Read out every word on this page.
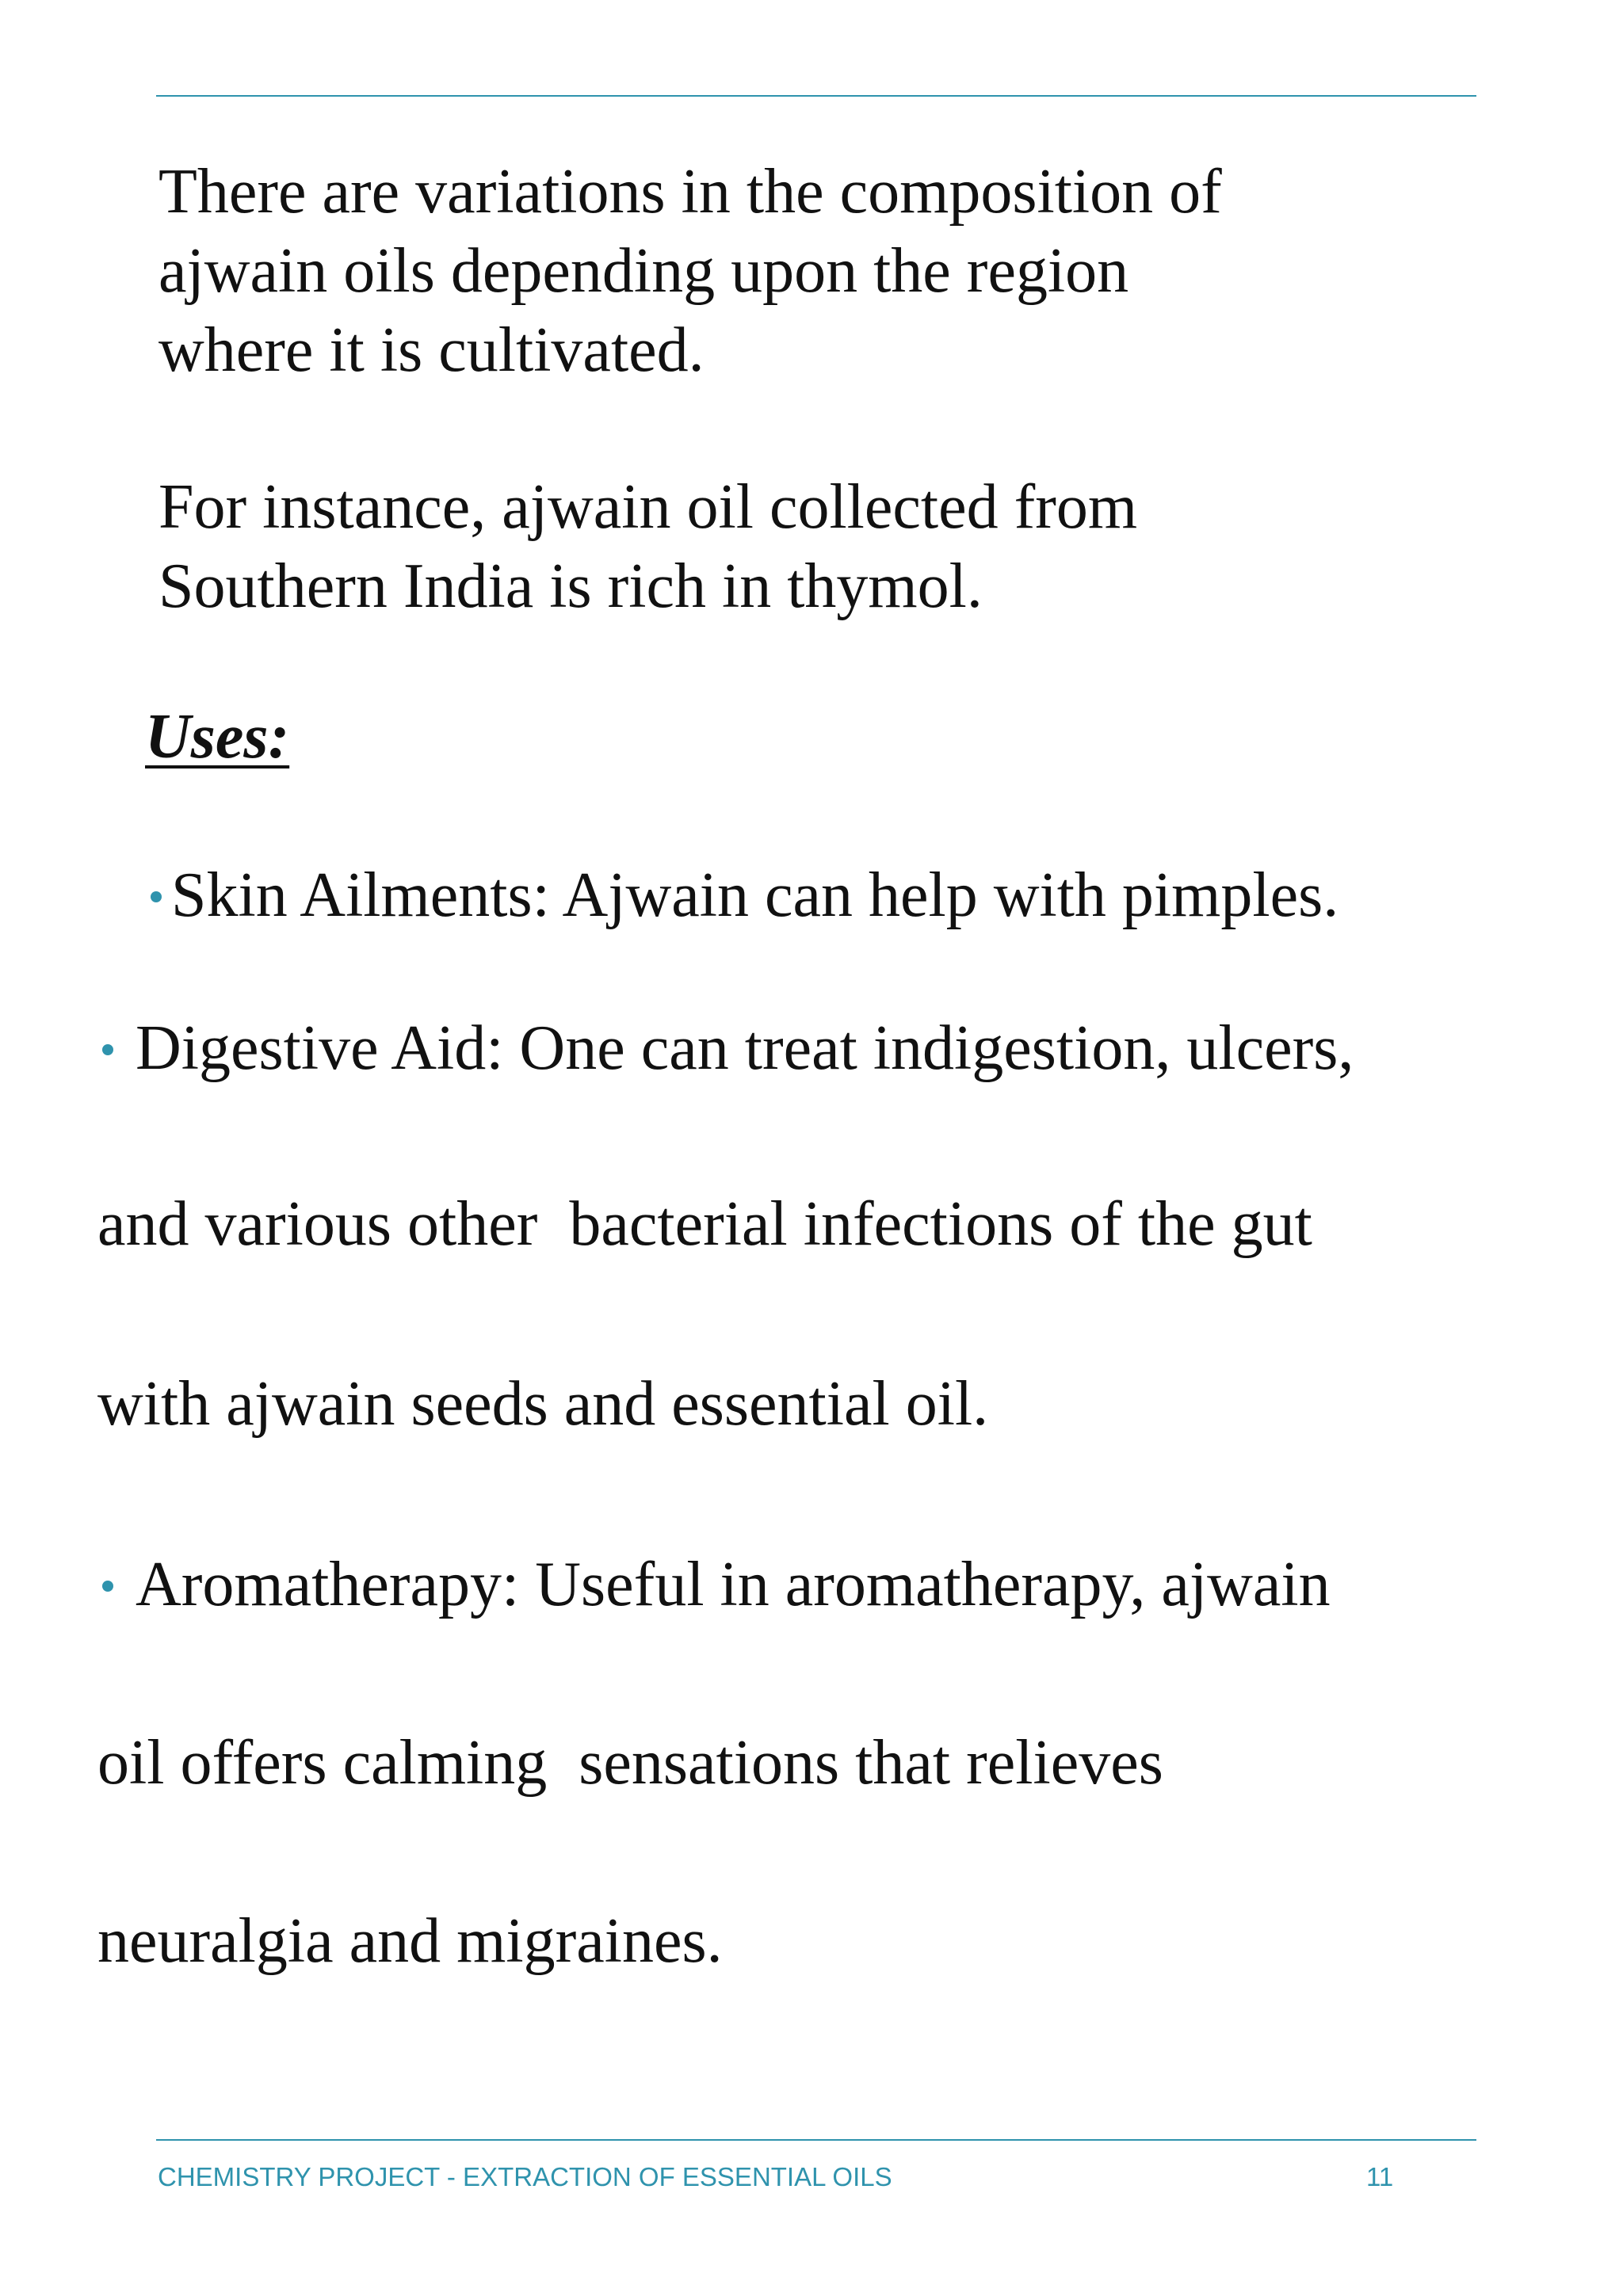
There are variations in the composition of
ajwain oils depending upon the region
where it is cultivated.
For instance, ajwain oil collected from
Southern India is rich in thymol.
Uses:
Skin Ailments: Ajwain can help with pimples.
Digestive Aid: One can treat indigestion, ulcers,
and various other  bacterial infections of the gut
with ajwain seeds and essential oil.
Aromatherapy: Useful in aromatherapy, ajwain
oil offers calming  sensations that relieves
neuralgia and migraines.
CHEMISTRY PROJECT - EXTRACTION OF ESSENTIAL OILS	11
